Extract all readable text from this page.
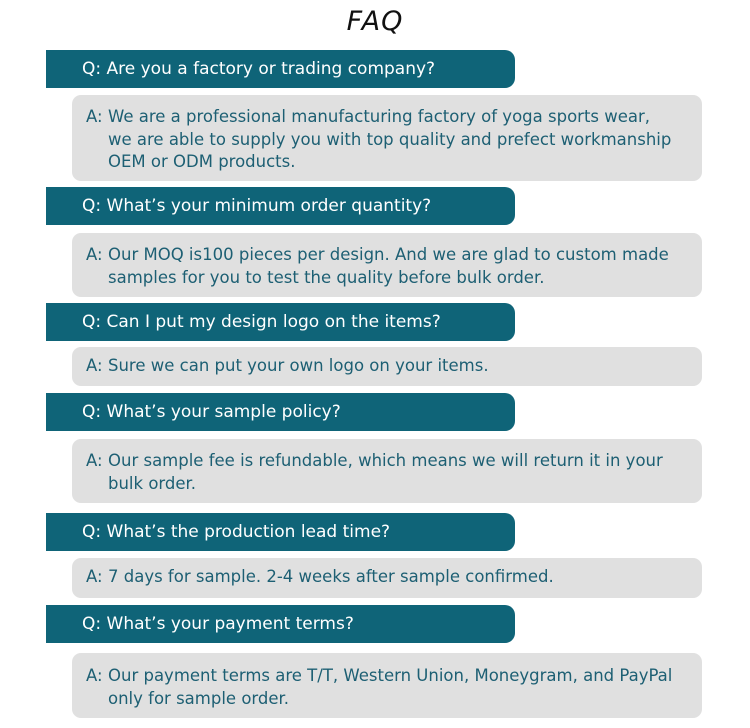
FAQ
Q: Are you a factory or trading company?
A: We are a professional manufacturing factory of yoga sports wear,
we are able to supply you with top quality and prefect workmanship
OEM or ODM products.
Q: What’s your minimum order quantity?
A: Our MOQ is100 pieces per design. And we are glad to custom made
samples for you to test the quality before bulk order.
Q: Can I put my design logo on the items?
A: Sure we can put your own logo on your items.
Q: What’s your sample policy?
A: Our sample fee is refundable, which means we will return it in your
bulk order.
Q: What’s the production lead time?
A: 7 days for sample. 2-4 weeks after sample confirmed.
Q: What’s your payment terms?
A: Our payment terms are T/T, Western Union, Moneygram, and PayPal
only for sample order.
